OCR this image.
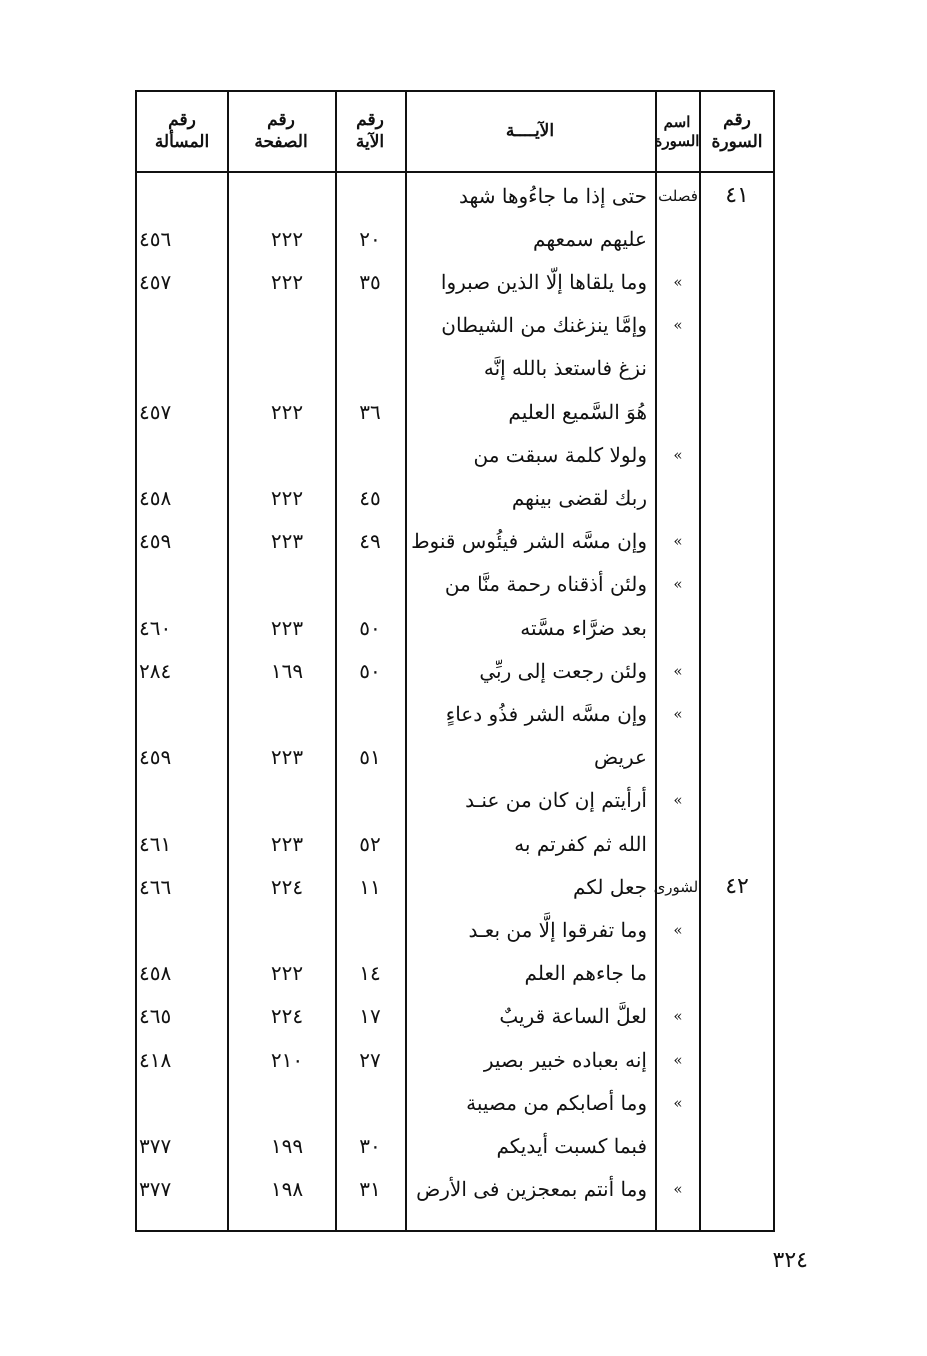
رقم
السورة
اسم
السورة
الآيــــة
رقم
الآية
رقم
الصفحة
رقم
المسألة
٤١
فصلت
حتى إذا ما جاءُوها شهد
عليهم سمعهم
٢٠
٢٢٢
٤٥٦
»
وما يلقاها إلّا الذين صبروا
٣٥
٢٢٢
٤٥٧
»
وإمَّا ينزغنك من الشيطان
نزغ فاستعذ بالله إنَّه
هُوَ السَّميع العليم
٣٦
٢٢٢
٤٥٧
»
ولولا كلمة سبقت من
ربك لقضى بينهم
٤٥
٢٢٢
٤٥٨
»
وإن مسَّه الشر فيئُوس قنوط
٤٩
٢٢٣
٤٥٩
»
ولئن أذقناه رحمة منَّا من
بعد ضرَّاء مسَّته
٥٠
٢٢٣
٤٦٠
»
ولئن رجعت إلى ربِّي
٥٠
١٦٩
٢٨٤
»
وإن مسَّه الشر فذُو دعاءٍ
عريض
٥١
٢٢٣
٤٥٩
»
أرأيتم إن كان من عنـد
الله ثم كفرتم به
٥٢
٢٢٣
٤٦١
٤٢
الشورى
جعل لكم
١١
٢٢٤
٤٦٦
»
وما تفرقوا إلَّا من بعـد
ما جاءهم العلم
١٤
٢٢٢
٤٥٨
»
لعلَّ الساعة قريبٌ
١٧
٢٢٤
٤٦٥
»
إنه بعباده خبير بصير
٢٧
٢١٠
٤١٨
»
وما أصابكم من مصيبة
فبما كسبت أيديكم
٣٠
١٩٩
٣٧٧
»
وما أنتم بمعجزين فى الأرض
٣١
١٩٨
٣٧٧
٣٢٤
